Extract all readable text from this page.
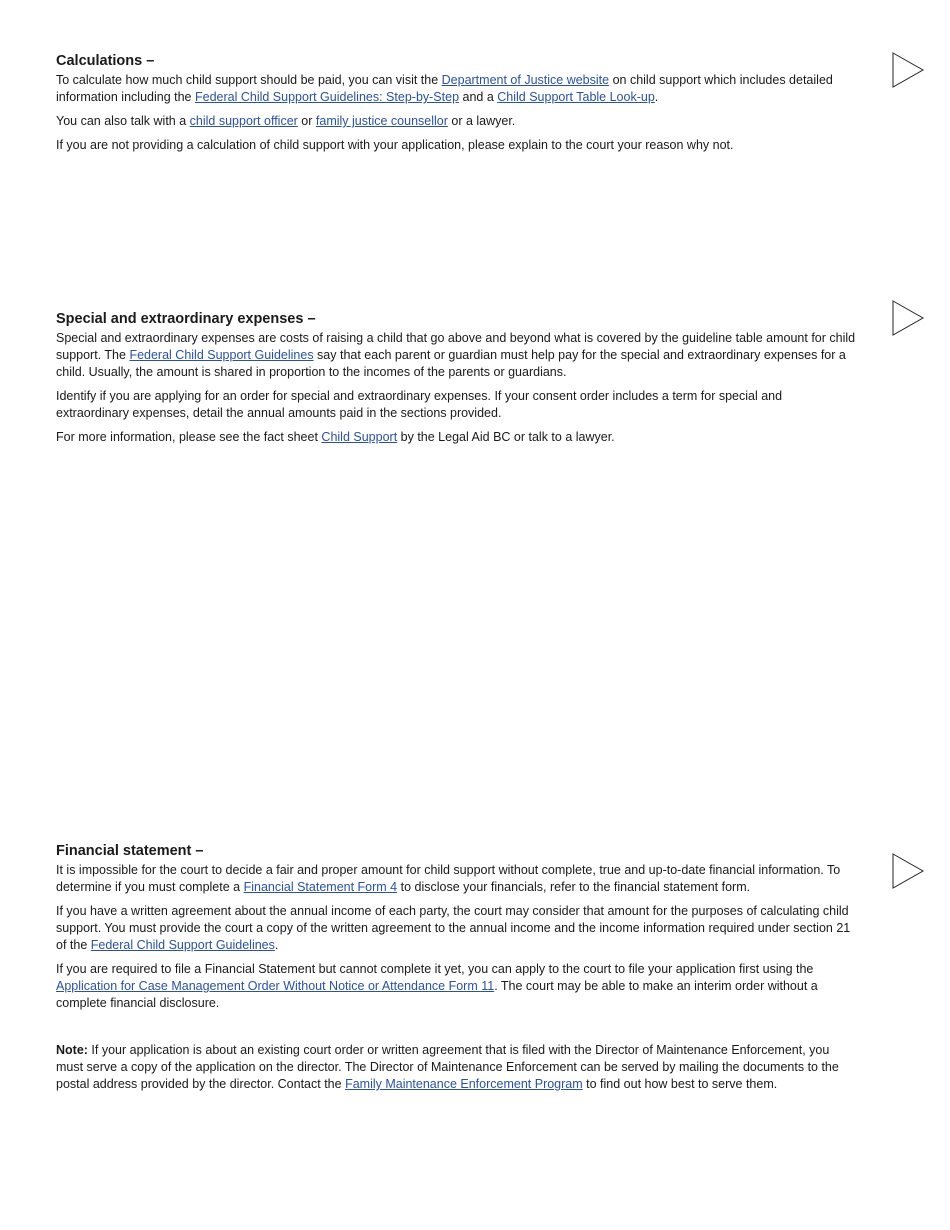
Calculations –

To calculate how much child support should be paid, you can visit the Department of Justice website on child support which includes detailed information including the Federal Child Support Guidelines: Step-by-Step and a Child Support Table Look-up.

You can also talk with a child support officer or family justice counsellor or a lawyer.

If you are not providing a calculation of child support with your application, please explain to the court your reason why not.

Special and extraordinary expenses –

Special and extraordinary expenses are costs of raising a child that go above and beyond what is covered by the guideline table amount for child support. The Federal Child Support Guidelines say that each parent or guardian must help pay for the special and extraordinary expenses for a child. Usually, the amount is shared in proportion to the incomes of the parents or guardians.

Identify if you are applying for an order for special and extraordinary expenses. If your consent order includes a term for special and extraordinary expenses, detail the annual amounts paid in the sections provided.

For more information, please see the fact sheet Child Support by the Legal Aid BC or talk to a lawyer.

Financial statement –

It is impossible for the court to decide a fair and proper amount for child support without complete, true and up-to-date financial information. To determine if you must complete a Financial Statement Form 4 to disclose your financials, refer to the financial statement form.

If you have a written agreement about the annual income of each party, the court may consider that amount for the purposes of calculating child support. You must provide the court a copy of the written agreement to the annual income and the income information required under section 21 of the Federal Child Support Guidelines.

If you are required to file a Financial Statement but cannot complete it yet, you can apply to the court to file your application first using the Application for Case Management Order Without Notice or Attendance Form 11. The court may be able to make an interim order without a complete financial disclosure.

Note: If your application is about an existing court order or written agreement that is filed with the Director of Maintenance Enforcement, you must serve a copy of the application on the director. The Director of Maintenance Enforcement can be served by mailing the documents to the postal address provided by the director. Contact the Family Maintenance Enforcement Program to find out how best to serve them.
